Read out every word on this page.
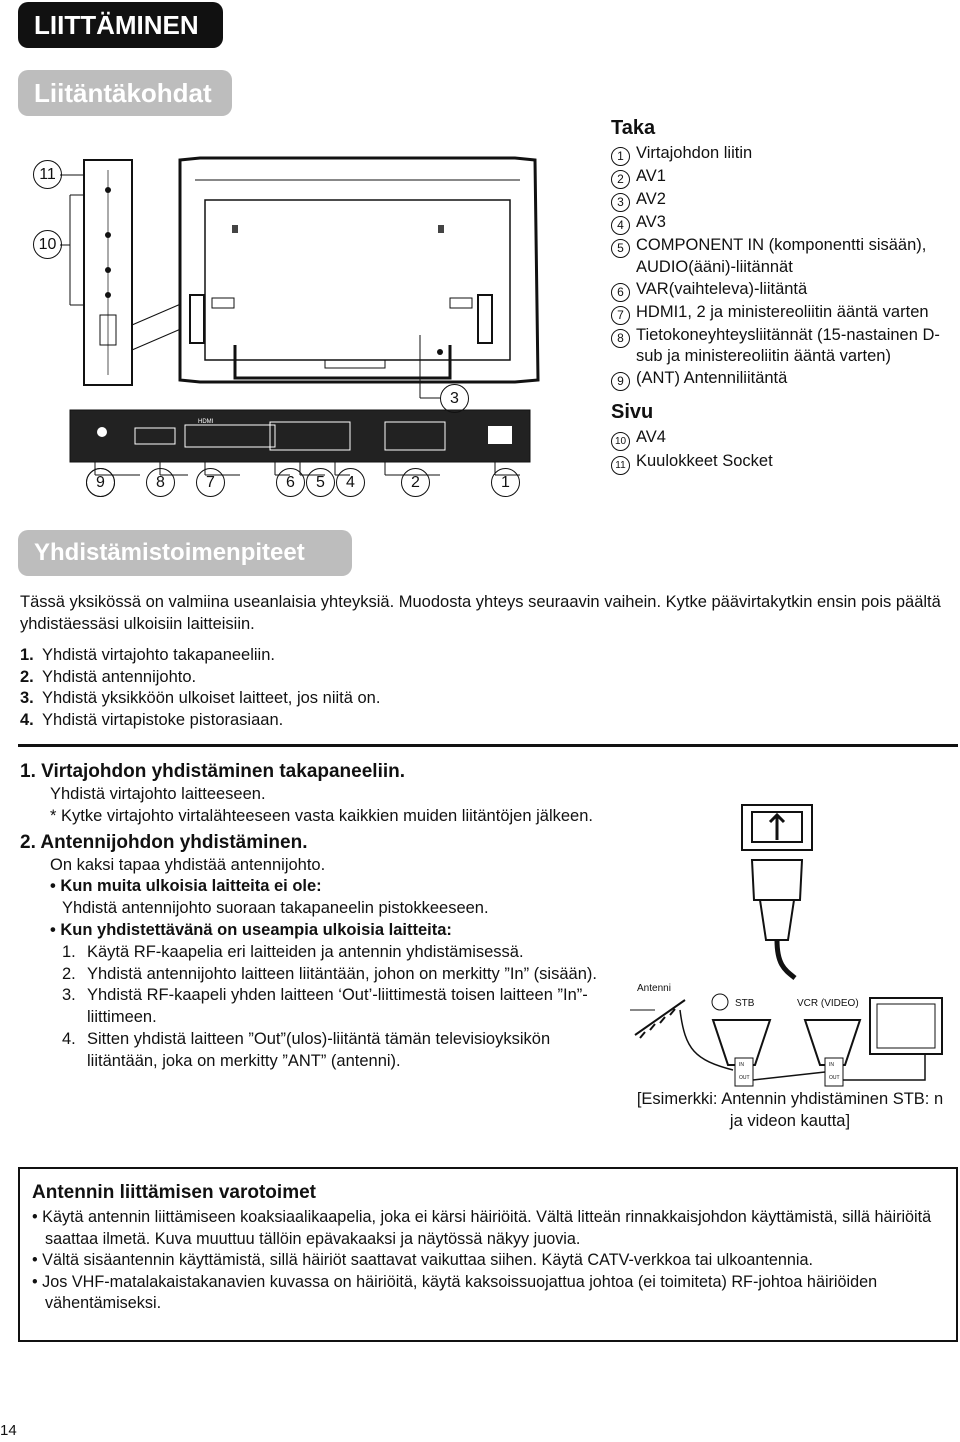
LIITTÄMINEN
Liitäntäkohdat
HDMI
11
10
3
9	8	7	6	5	4	2	1
Taka
1 Virtajohdon liitin
2 AV1
3 AV2
4 AV3
5 COMPONENT IN (komponentti sisään), AUDIO(ääni)-liitännät
6 VAR(vaihteleva)-liitäntä
7 HDMI1, 2 ja ministereoliitin ääntä varten
8 Tietokoneyhteysliitännät (15-nastainen D-sub ja ministereoliitin ääntä varten)
9 (ANT) Antenniliitäntä
Sivu
10 AV4
11 Kuulokkeet Socket
Yhdistämistoimenpiteet
Tässä yksikössä on valmiina useanlaisia yhteyksiä. Muodosta yhteys seuraavin vaihein. Kytke päävirtakytkin ensin pois päältä yhdistäessäsi ulkoisiin laitteisiin.
1. Yhdistä virtajohto takapaneeliin.
2. Yhdistä antennijohto.
3. Yhdistä yksikköön ulkoiset laitteet, jos niitä on.
4. Yhdistä virtapistoke pistorasiaan.
1. Virtajohdon yhdistäminen takapaneeliin.
Yhdistä virtajohto laitteeseen.
* Kytke virtajohto virtalähteeseen vasta kaikkien muiden liitäntöjen jälkeen.
2. Antennijohdon yhdistäminen.
On kaksi tapaa yhdistää antennijohto.
• Kun muita ulkoisia laitteita ei ole:
Yhdistä antennijohto suoraan takapaneelin pistokkeeseen.
• Kun yhdistettävänä on useampia ulkoisia laitteita:
1. Käytä RF-kaapelia eri laitteiden ja antennin yhdistämisessä.
2. Yhdistä antennijohto laitteen liitäntään, johon on merkitty ”In” (sisään).
3. Yhdistä RF-kaapeli yhden laitteen ‘Out’-liittimestä toisen laitteen ”In”-liittimeen.
4. Sitten yhdistä laitteen ”Out”(ulos)-liitäntä tämän televisioyksikön liitäntään, joka on merkitty ”ANT” (antenni).
Antenni
STB	VCR (VIDEO)
IN
OUT
IN
OUT
[Esimerkki: Antennin yhdistäminen STB: n ja videon kautta]
Antennin liittämisen varotoimet
• Käytä antennin liittämiseen koaksiaalikaapelia, joka ei kärsi häiriöitä. Vältä litteän rinnakkaisjohdon käyttämistä, sillä häiriöitä saattaa ilmetä. Kuva muuttuu tällöin epävakaaksi ja näytössä näkyy juovia.
• Vältä sisäantennin käyttämistä, sillä häiriöt saattavat vaikuttaa siihen. Käytä CATV-verkkoa tai ulkoantennia.
• Jos VHF-matalakaistakanavien kuvassa on häiriöitä, käytä kaksoissuojattua johtoa (ei toimiteta) RF-johtoa häiriöiden vähentämiseksi.
14
